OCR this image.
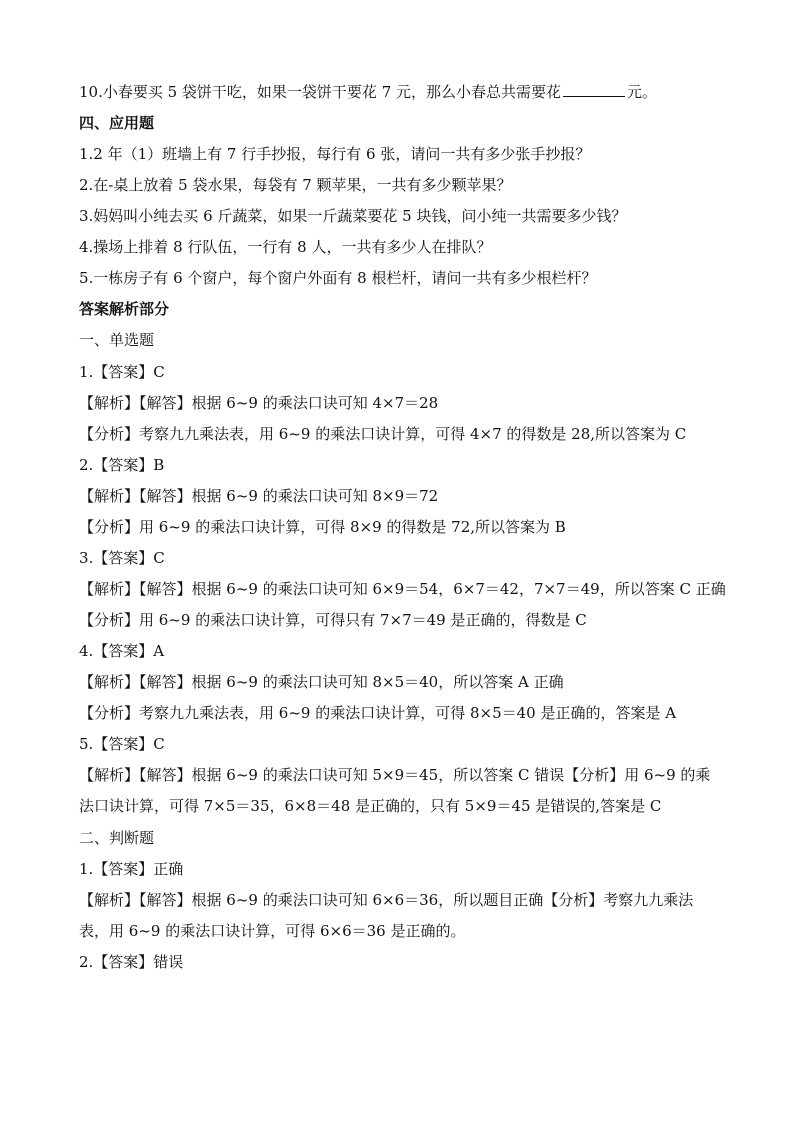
10.小春要买 5 袋饼干吃，如果一袋饼干要花 7 元，那么小春总共需要花	元。
四、应用题
1.2 年（1）班墙上有 7 行手抄报，每行有 6 张，请问一共有多少张手抄报？
2.在-桌上放着 5 袋水果，每袋有 7 颗苹果，一共有多少颗苹果？
3.妈妈叫小纯去买 6 斤蔬菜，如果一斤蔬菜要花 5 块钱，问小纯一共需要多少钱？
4.操场上排着 8 行队伍，一行有 8 人，一共有多少人在排队？
5.一栋房子有 6 个窗户，每个窗户外面有 8 根栏杆，请问一共有多少根栏杆？
答案解析部分
一、单选题
1.【答案】C
【解析】【解答】根据 6~9 的乘法口诀可知 4×7＝28
【分析】考察九九乘法表，用 6~9 的乘法口诀计算，可得 4×7 的得数是 28,所以答案为 C
2.【答案】B
【解析】【解答】根据 6~9 的乘法口诀可知 8×9＝72
【分析】用 6~9 的乘法口诀计算，可得 8×9 的得数是 72,所以答案为 B
3.【答案】C
【解析】【解答】根据 6~9 的乘法口诀可知 6×9＝54，6×7＝42，7×7＝49，所以答案 C 正确
【分析】用 6~9 的乘法口诀计算，可得只有 7×7＝49 是正确的，得数是 C
4.【答案】A
【解析】【解答】根据 6~9 的乘法口诀可知 8×5＝40，所以答案 A 正确
【分析】考察九九乘法表，用 6~9 的乘法口诀计算，可得 8×5＝40 是正确的，答案是 A
5.【答案】C
【解析】【解答】根据 6~9 的乘法口诀可知 5×9＝45，所以答案 C 错误【分析】用 6~9 的乘
法口诀计算，可得 7×5＝35，6×8＝48 是正确的，只有 5×9＝45 是错误的,答案是 C
二、判断题
1.【答案】正确
【解析】【解答】根据 6~9 的乘法口诀可知 6×6＝36，所以题目正确【分析】考察九九乘法
表，用 6~9 的乘法口诀计算，可得 6×6＝36 是正确的。
2.【答案】错误
